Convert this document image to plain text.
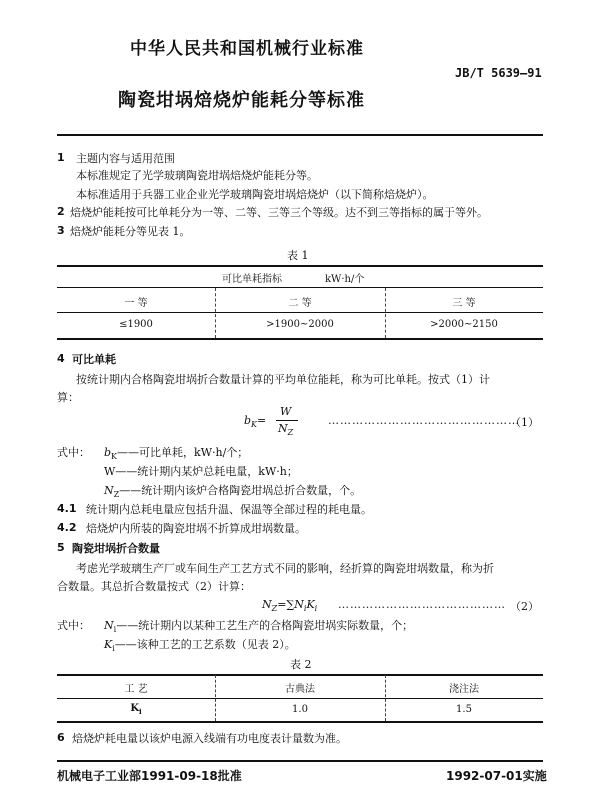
中华人民共和国机械行业标准
JB/T 5639—91
陶瓷坩埚焙烧炉能耗分等标准
1 主题内容与适用范围
本标准规定了光学玻璃陶瓷坩埚焙烧炉能耗分等。
本标准适用于兵器工业企业光学玻璃陶瓷坩埚焙烧炉（以下简称焙烧炉）。
2 焙烧炉能耗按可比单耗分为一等、二等、三等三个等级。达不到三等指标的属于等外。
3 焙烧炉能耗分等见表 1。
表 1
可比单耗指标	kW·h/个
一 等	二 等	三 等
≤1900	>1900~2000	>2000~2150
4 可比单耗
按统计期内合格陶瓷坩埚折合数量计算的平均单位能耗，称为可比单耗。按式（1）计
算：
$b_K=$
W
$N_Z$
…………………………………………
（1）
式中： $b_K——$可比单耗，kW·h/个；
W——统计期内某炉总耗电量，kW·h；
$N_Z——$统计期内该炉合格陶瓷坩埚总折合数量，个。
4.1 统计期内总耗电量应包括升温、保温等全部过程的耗电量。
4.2 焙烧炉内所装的陶瓷坩埚不折算成坩埚数量。
5 陶瓷坩埚折合数量
考虑光学玻璃生产厂或车间生产工艺方式不同的影响，经折算的陶瓷坩埚数量，称为折
合数量。其总折合数量按式（2）计算：
$N_Z=\sum N_iK_i$ …………………………………… （2）
式中： $N_i——$统计期内以某种工艺生产的合格陶瓷坩埚实际数量，个；
$K_i——$该种工艺的工艺系数（见表 2）。
表 2
工 艺	古典法	浇注法
$K_i$	1.0	1.5
6 焙烧炉耗电量以该炉电源入线端有功电度表计量数为准。
机械电子工业部1991-09-18批准	1992-07-01实施
